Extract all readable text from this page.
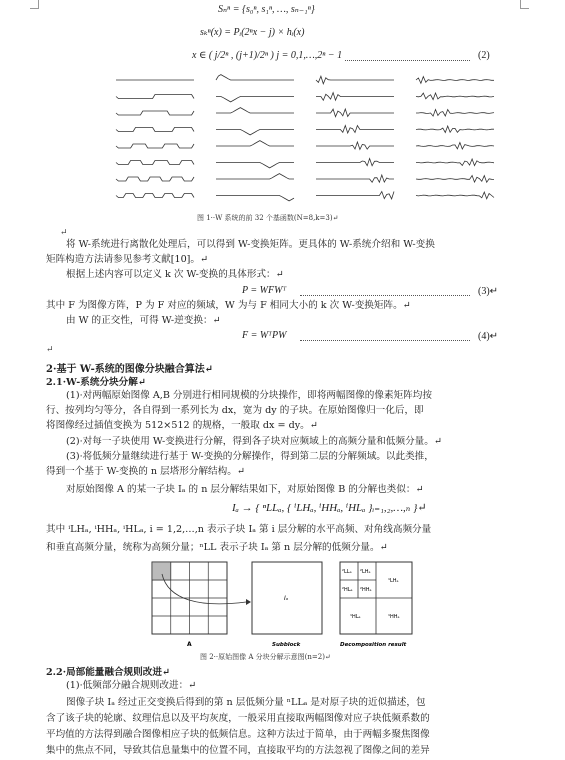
Sₙⁿ = {s₀ⁿ, s₁ⁿ, …, sₙ₋₁ⁿ}
sₖⁿ(x) = Pᵢ(2ⁿx − j) × hᵢ(x)
x ∈ ( j/2ⁿ , (j+1)/2ⁿ ) j = 0,1,…,2ⁿ − 1	(2)
图 1··W 系统的前 32 个基函数(N=8,k=3)↵
↵
将 W-系统进行离散化处理后，可以得到 W-变换矩阵。更具体的 W-系统介绍和 W-变换
矩阵构造方法请参见参考文献[10]。↵
根据上述内容可以定义 k 次 W-变换的具体形式：↵
P = WFWᵀ	(3)↵
其中 F 为图像方阵，P 为 F 对应的频域，W 为与 F 相同大小的 k 次 W-变换矩阵。↵
由 W 的正交性，可得 W-逆变换：↵
F = WᵀPW	(4)↵
↵
2·基于 W-系统的图像分块融合算法↵
2.1·W-系统分块分解↵
(1)·对两幅原始图像 A,B 分别进行相同规模的分块操作，即将两幅图像的像素矩阵均按
行、按列均匀等分，各自得到一系列长为 dx，宽为 dy 的子块。在原始图像归一化后，即
将图像经过插值变换为 512×512 的规格，一般取 dx = dy。↵
(2)·对每一子块使用 W-变换进行分解，得到各子块对应频域上的高频分量和低频分量。↵
(3)·将低频分量继续进行基于 W-变换的分解操作，得到第二层的分解频域。以此类推，
得到一个基于 W-变换的 n 层塔形分解结构。↵
对原始图像 A 的某一子块 Iₐ 的 n 层分解结果如下，对原始图像 B 的分解也类似：↵
Iₐ → { ⁿLLₐ, { ⁱLHₐ, ⁱHHₐ, ⁱHLₐ }ᵢ₌₁,₂,…,ₙ }↵
其中 ⁱLHₐ, ⁱHHₐ, ⁱHLₐ, i = 1,2,…,n 表示子块 Iₐ 第 i 层分解的水平高频、对角线高频分量
和垂直高频分量，统称为高频分量；ⁿLL 表示子块 Iₐ 第 n 层分解的低频分量。↵
Iₐ
²LLₐ ²LHₐ
²HLₐ ²HHₐ
¹LHₐ
¹HLₐ	¹HHₐ
A	Subblock	Decomposition result
图 2··原始图像 A 分块分解示意图(n=2)↵
2.2·局部能量融合规则改进↵
(1)·低频部分融合规则改进：↵
图像子块 Iₐ 经过正交变换后得到的第 n 层低频分量 ⁿLLₐ 是对原子块的近似描述，包
含了该子块的轮廓、纹理信息以及平均灰度，一般采用直接取两幅图像对应子块低频系数的
平均值的方法得到融合图像相应子块的低频信息。这种方法过于简单，由于两幅多聚焦图像
集中的焦点不同，导致其信息量集中的位置不同，直接取平均的方法忽视了图像之间的差异
